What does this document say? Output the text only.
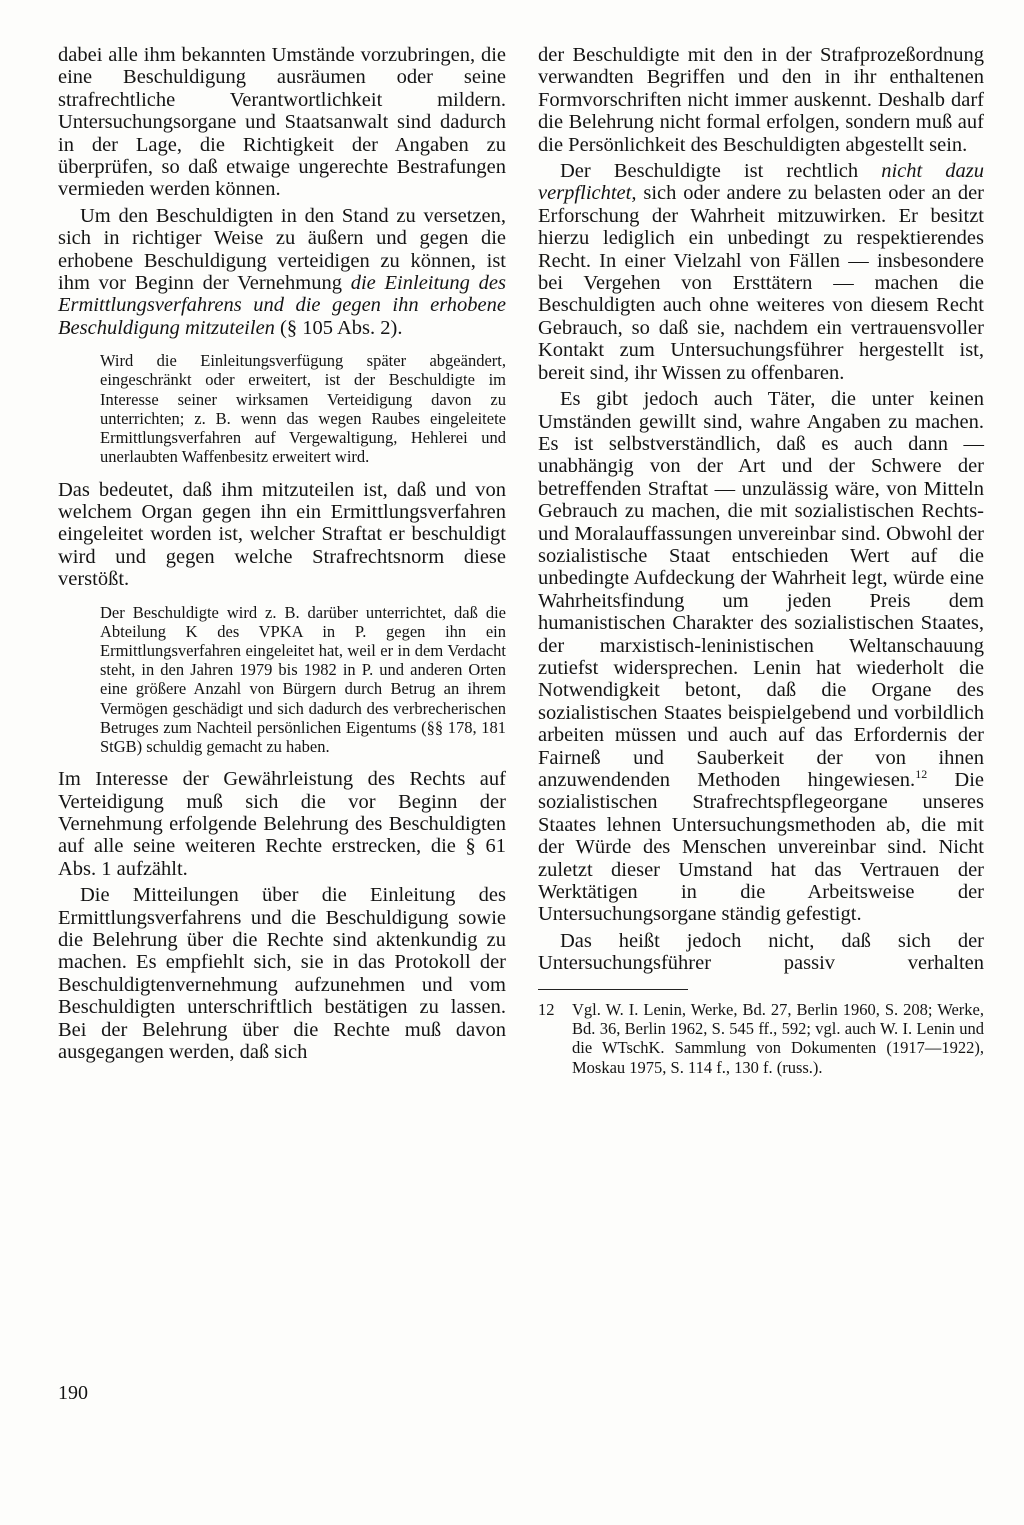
dabei alle ihm bekannten Umstände vorzubringen, die eine Beschuldigung ausräumen oder seine strafrechtliche Verantwortlichkeit mildern. Untersuchungsorgane und Staatsanwalt sind dadurch in der Lage, die Richtigkeit der Angaben zu überprüfen, so daß etwaige ungerechte Bestrafungen vermieden werden können.

Um den Beschuldigten in den Stand zu versetzen, sich in richtiger Weise zu äußern und gegen die erhobene Beschuldigung verteidigen zu können, ist ihm vor Beginn der Vernehmung die Einleitung des Ermittlungsverfahrens und die gegen ihn erhobene Beschuldigung mitzuteilen (§ 105 Abs. 2).

Wird die Einleitungsverfügung später abgeändert, eingeschränkt oder erweitert, ist der Beschuldigte im Interesse seiner wirksamen Verteidigung davon zu unterrichten; z. B. wenn das wegen Raubes eingeleitete Ermittlungsverfahren auf Vergewaltigung, Hehlerei und unerlaubten Waffenbesitz erweitert wird.

Das bedeutet, daß ihm mitzuteilen ist, daß und von welchem Organ gegen ihn ein Ermittlungsverfahren eingeleitet worden ist, welcher Straftat er beschuldigt wird und gegen welche Strafrechtsnorm diese verstößt.

Der Beschuldigte wird z. B. darüber unterrichtet, daß die Abteilung K des VPKA in P. gegen ihn ein Ermittlungsverfahren eingeleitet hat, weil er in dem Verdacht steht, in den Jahren 1979 bis 1982 in P. und anderen Orten eine größere Anzahl von Bürgern durch Betrug an ihrem Vermögen geschädigt und sich dadurch des verbrecherischen Betruges zum Nachteil persönlichen Eigentums (§§ 178, 181 StGB) schuldig gemacht zu haben.

Im Interesse der Gewährleistung des Rechts auf Verteidigung muß sich die vor Beginn der Vernehmung erfolgende Belehrung des Beschuldigten auf alle seine weiteren Rechte erstrecken, die § 61 Abs. 1 aufzählt.

Die Mitteilungen über die Einleitung des Ermittlungsverfahrens und die Beschuldigung sowie die Belehrung über die Rechte sind aktenkundig zu machen. Es empfiehlt sich, sie in das Protokoll der Beschuldigtenvernehmung aufzunehmen und vom Beschuldigten unterschriftlich bestätigen zu lassen. Bei der Belehrung über die Rechte muß davon ausgegangen werden, daß sich

der Beschuldigte mit den in der Strafprozeßordnung verwandten Begriffen und den in ihr enthaltenen Formvorschriften nicht immer auskennt. Deshalb darf die Belehrung nicht formal erfolgen, sondern muß auf die Persönlichkeit des Beschuldigten abgestellt sein.

Der Beschuldigte ist rechtlich nicht dazu verpflichtet, sich oder andere zu belasten oder an der Erforschung der Wahrheit mitzuwirken. Er besitzt hierzu lediglich ein unbedingt zu respektierendes Recht. In einer Vielzahl von Fällen — insbesondere bei Vergehen von Ersttätern — machen die Beschuldigten auch ohne weiteres von diesem Recht Gebrauch, so daß sie, nachdem ein vertrauensvoller Kontakt zum Untersuchungsführer hergestellt ist, bereit sind, ihr Wissen zu offenbaren.

Es gibt jedoch auch Täter, die unter keinen Umständen gewillt sind, wahre Angaben zu machen. Es ist selbstverständlich, daß es auch dann —unabhängig von der Art und der Schwere der betreffenden Straftat — unzulässig wäre, von Mitteln Gebrauch zu machen, die mit sozialistischen Rechts- und Moralauffassungen unvereinbar sind. Obwohl der sozialistische Staat entschieden Wert auf die unbedingte Aufdeckung der Wahrheit legt, würde eine Wahrheitsfindung um jeden Preis dem humanistischen Charakter des sozialistischen Staates, der marxistisch-leninistischen Weltanschauung zutiefst widersprechen. Lenin hat wiederholt die Notwendigkeit betont, daß die Organe des sozialistischen Staates beispielgebend und vorbildlich arbeiten müssen und auch auf das Erfordernis der Fairneß und Sauberkeit der von ihnen anzuwendenden Methoden hingewiesen.$^{12}$ Die sozialistischen Strafrechtspflegeorgane unseres Staates lehnen Untersuchungsmethoden ab, die mit der Würde des Menschen unvereinbar sind. Nicht zuletzt dieser Umstand hat das Vertrauen der Werktätigen in die Arbeitsweise der Untersuchungsorgane ständig gefestigt.

Das heißt jedoch nicht, daß sich der Untersuchungsführer passiv verhalten

12 Vgl. W. I. Lenin, Werke, Bd. 27, Berlin 1960, S. 208; Werke, Bd. 36, Berlin 1962, S. 545 ff., 592; vgl. auch W. I. Lenin und die WTschK. Sammlung von Dokumenten (1917—1922), Moskau 1975, S. 114 f., 130 f. (russ.).

190
